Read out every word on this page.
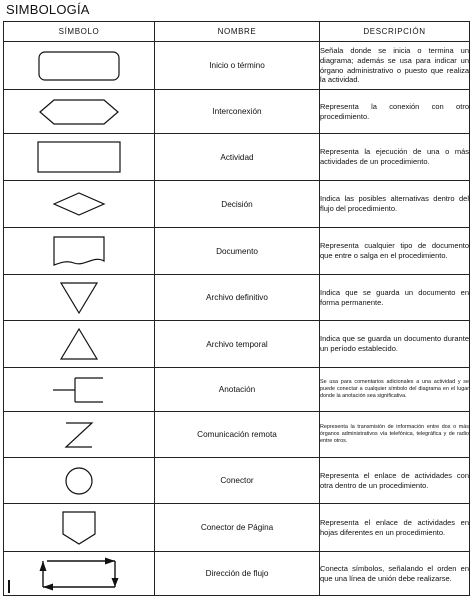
SIMBOLOGÍA
SÍMBOLO	NOMBRE	DESCRIPCIÓN

	Inicio o término	Señala donde se inicia o termina un diagrama; además se usa para indicar un órgano administrativo o puesto que realiza la actividad.

	Interconexión	Representa la conexión con otro procedimiento.

	Actividad	Representa la ejecución de una o más actividades de un procedimiento.

	Decisión	Indica las posibles alternativas dentro del flujo del procedimiento.

	Documento	Representa cualquier tipo de documento que entre o salga en el procedimiento.

	Archivo definitivo	Indica que se guarda un documento en forma permanente.

	Archivo temporal	Indica que se guarda un documento durante un período establecido.

	Anotación	Se usa para comentarios adicionales a una actividad y se puede conectar a cualquier símbolo del diagrama en el lugar donde la anotación sea significativa.

	Comunicación remota	Representa la transmisión de información entre dos o más órganos administrativos vía telefónica, telegráfica y de radio entre otros.

	Conector	Representa el enlace de actividades con otra dentro de un procedimiento.

	Conector de Página	Representa el enlace de actividades en hojas diferentes en un procedimiento.

	Dirección de flujo	Conecta símbolos, señalando el orden en que una línea de unión debe realizarse.
